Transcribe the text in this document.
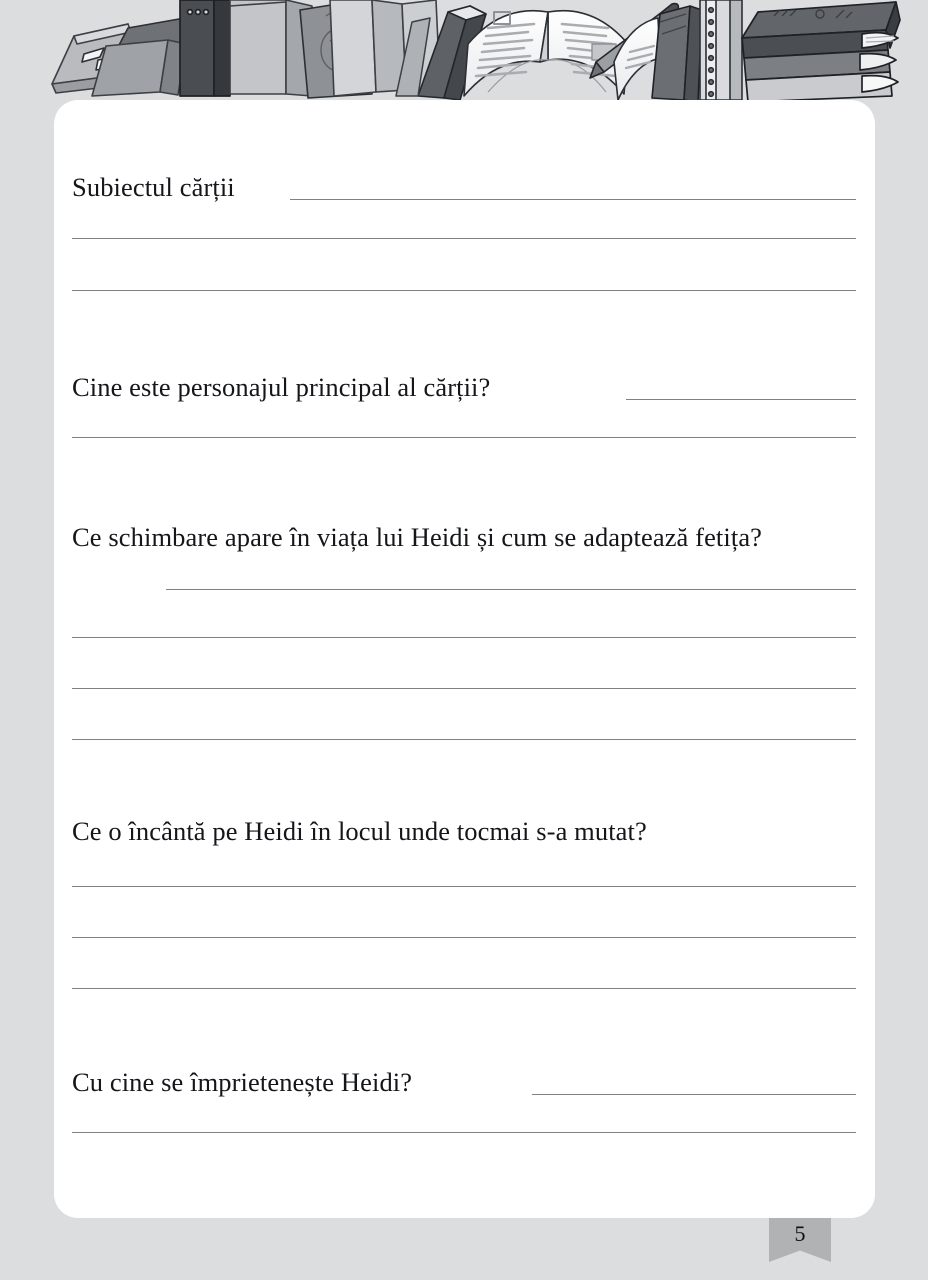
Subiectul cărții
Cine este personajul principal al cărții?
Ce schimbare apare în viața lui Heidi și cum se adaptează fetița?
Ce o încântă pe Heidi în locul unde tocmai s-a mutat?
Cu cine se împrietenește Heidi?
5
